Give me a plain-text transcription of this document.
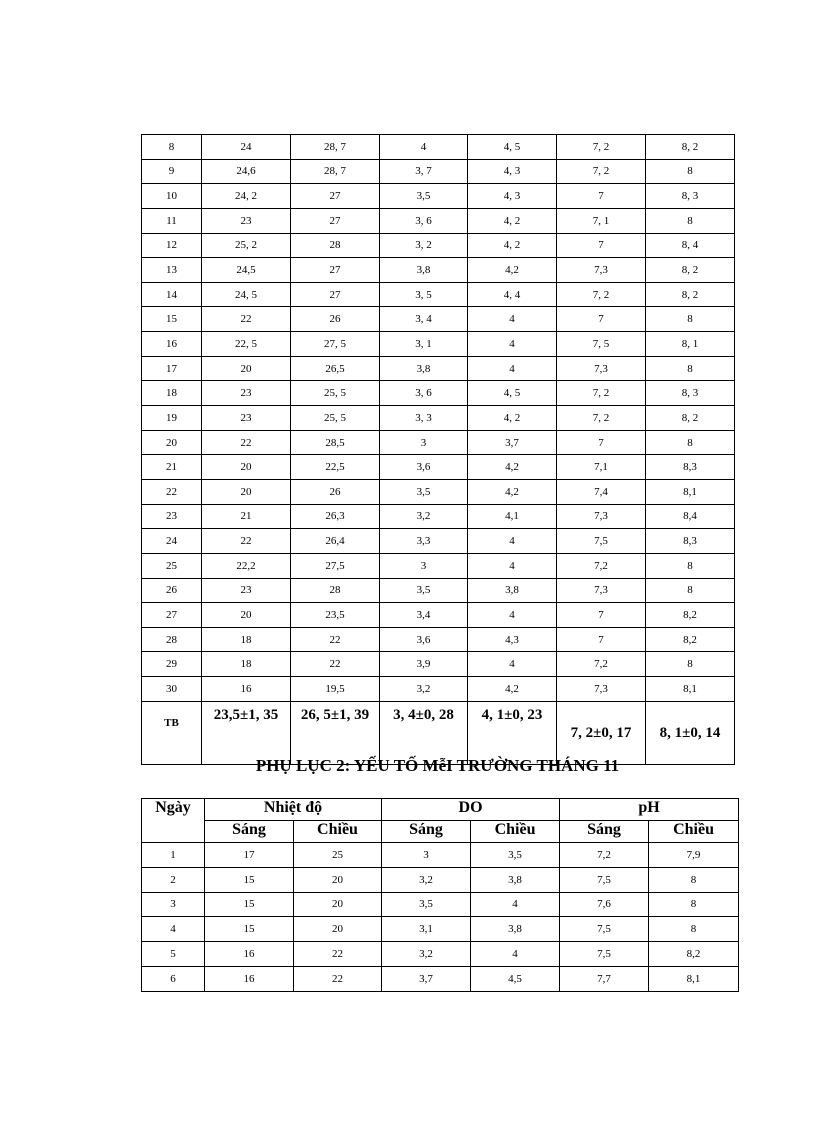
8	24	28, 7	4	4, 5	7, 2	8, 2
9	24,6	28, 7	3, 7	4, 3	7, 2	8
10	24, 2	27	3,5	4, 3	7	8, 3
11	23	27	3, 6	4, 2	7, 1	8
12	25, 2	28	3, 2	4, 2	7	8, 4
13	24,5	27	3,8	4,2	7,3	8, 2
14	24, 5	27	3, 5	4, 4	7, 2	8, 2
15	22	26	3, 4	4	7	8
16	22, 5	27, 5	3, 1	4	7, 5	8, 1
17	20	26,5	3,8	4	7,3	8
18	23	25, 5	3, 6	4, 5	7, 2	8, 3
19	23	25, 5	3, 3	4, 2	7, 2	8, 2
20	22	28,5	3	3,7	7	8
21	20	22,5	3,6	4,2	7,1	8,3
22	20	26	3,5	4,2	7,4	8,1
23	21	26,3	3,2	4,1	7,3	8,4
24	22	26,4	3,3	4	7,5	8,3
25	22,2	27,5	3	4	7,2	8
26	23	28	3,5	3,8	7,3	8
27	20	23,5	3,4	4	7	8,2
28	18	22	3,6	4,3	7	8,2
29	18	22	3,9	4	7,2	8
30	16	19,5	3,2	4,2	7,3	8,1
TB	23,5±1, 35	26, 5±1, 39	3, 4±0, 28	4, 1±0, 23	7, 2±0, 17	8, 1±0, 14
PHỤ LỤC 2: YẾU TỐ MễI TRƯỜNG THÁNG 11
Ngày	Nhiệt độ		DO		pH	
	Sáng	Chiều	Sáng	Chiều	Sáng	Chiều
1	17	25	3	3,5	7,2	7,9
2	15	20	3,2	3,8	7,5	8
3	15	20	3,5	4	7,6	8
4	15	20	3,1	3,8	7,5	8
5	16	22	3,2	4	7,5	8,2
6	16	22	3,7	4,5	7,7	8,1
